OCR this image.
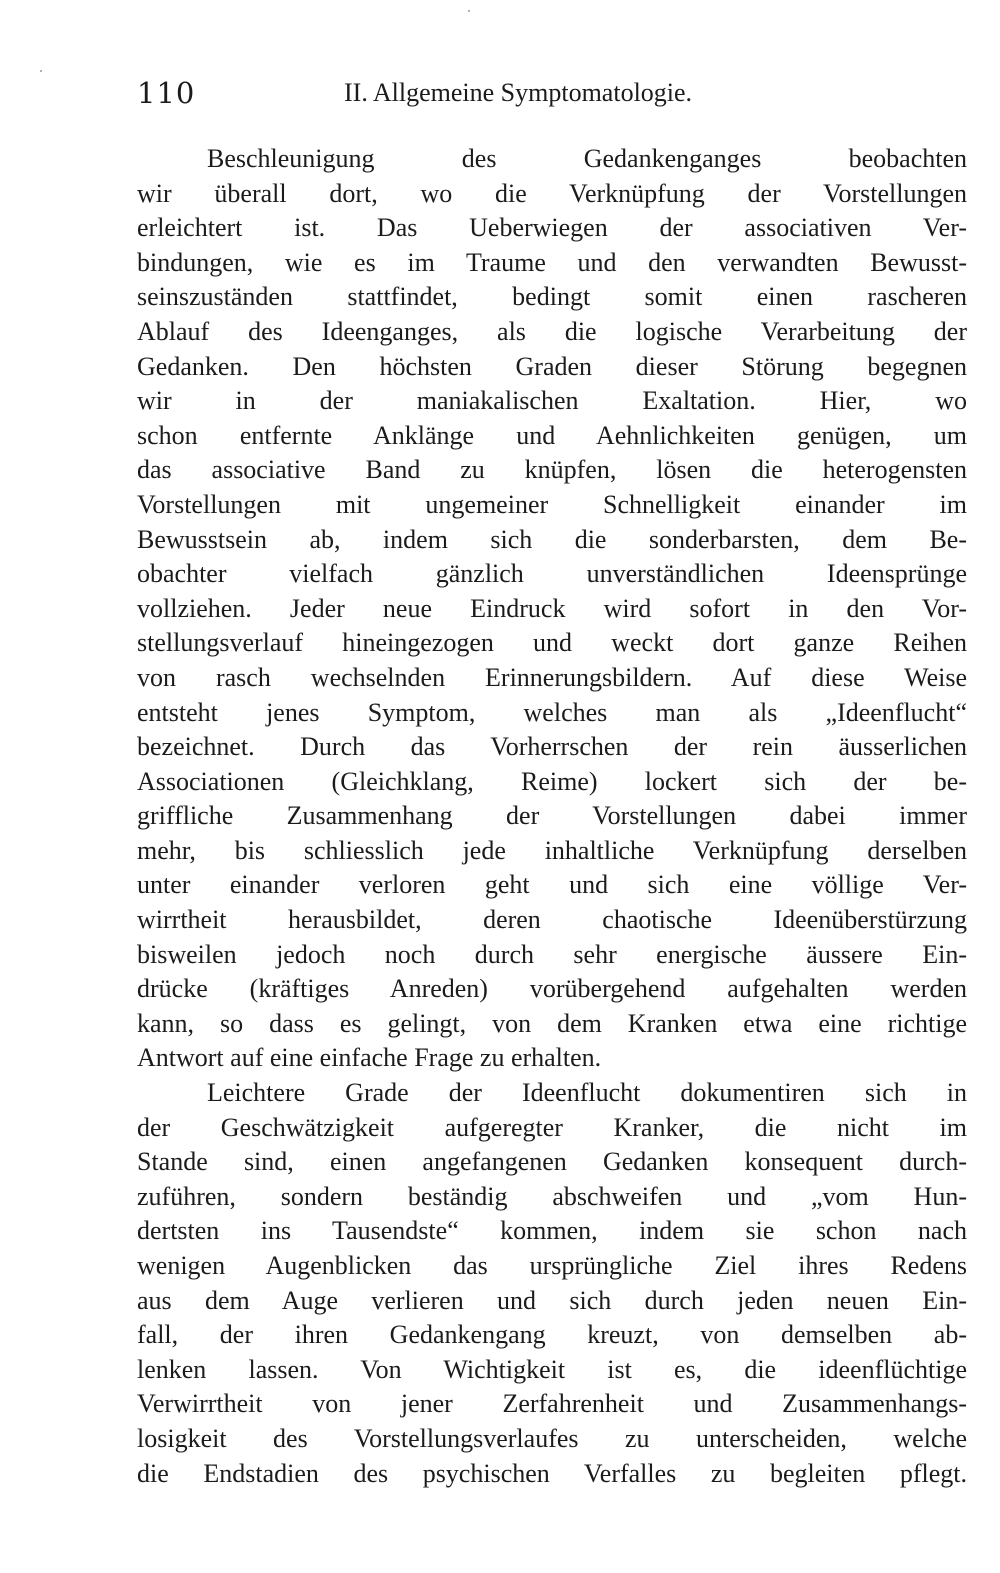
110	II. Allgemeine Symptomatologie.
Beschleunigung des Gedankenganges beobachten
wir überall dort, wo die Verknüpfung der Vorstellungen
erleichtert ist. Das Ueberwiegen der associativen Ver-
bindungen, wie es im Traume und den verwandten Bewusst-
seinszuständen stattfindet, bedingt somit einen rascheren
Ablauf des Ideenganges, als die logische Verarbeitung der
Gedanken. Den höchsten Graden dieser Störung begegnen
wir in der maniakalischen Exaltation. Hier, wo
schon entfernte Anklänge und Aehnlichkeiten genügen, um
das associative Band zu knüpfen, lösen die heterogensten
Vorstellungen mit ungemeiner Schnelligkeit einander im
Bewusstsein ab, indem sich die sonderbarsten, dem Be-
obachter vielfach gänzlich unverständlichen Ideensprünge
vollziehen. Jeder neue Eindruck wird sofort in den Vor-
stellungsverlauf hineingezogen und weckt dort ganze Reihen
von rasch wechselnden Erinnerungsbildern. Auf diese Weise
entsteht jenes Symptom, welches man als „Ideenflucht“
bezeichnet. Durch das Vorherrschen der rein äusserlichen
Associationen (Gleichklang, Reime) lockert sich der be-
griffliche Zusammenhang der Vorstellungen dabei immer
mehr, bis schliesslich jede inhaltliche Verknüpfung derselben
unter einander verloren geht und sich eine völlige Ver-
wirrtheit herausbildet, deren chaotische Ideenüberstürzung
bisweilen jedoch noch durch sehr energische äussere Ein-
drücke (kräftiges Anreden) vorübergehend aufgehalten werden
kann, so dass es gelingt, von dem Kranken etwa eine richtige
Antwort auf eine einfache Frage zu erhalten.
Leichtere Grade der Ideenflucht dokumentiren sich in
der Geschwätzigkeit aufgeregter Kranker, die nicht im
Stande sind, einen angefangenen Gedanken konsequent durch-
zuführen, sondern beständig abschweifen und „vom Hun-
dertsten ins Tausendste“ kommen, indem sie schon nach
wenigen Augenblicken das ursprüngliche Ziel ihres Redens
aus dem Auge verlieren und sich durch jeden neuen Ein-
fall, der ihren Gedankengang kreuzt, von demselben ab-
lenken lassen. Von Wichtigkeit ist es, die ideenflüchtige
Verwirrtheit von jener Zerfahrenheit und Zusammenhangs-
losigkeit des Vorstellungsverlaufes zu unterscheiden, welche
die Endstadien des psychischen Verfalles zu begleiten pflegt.
